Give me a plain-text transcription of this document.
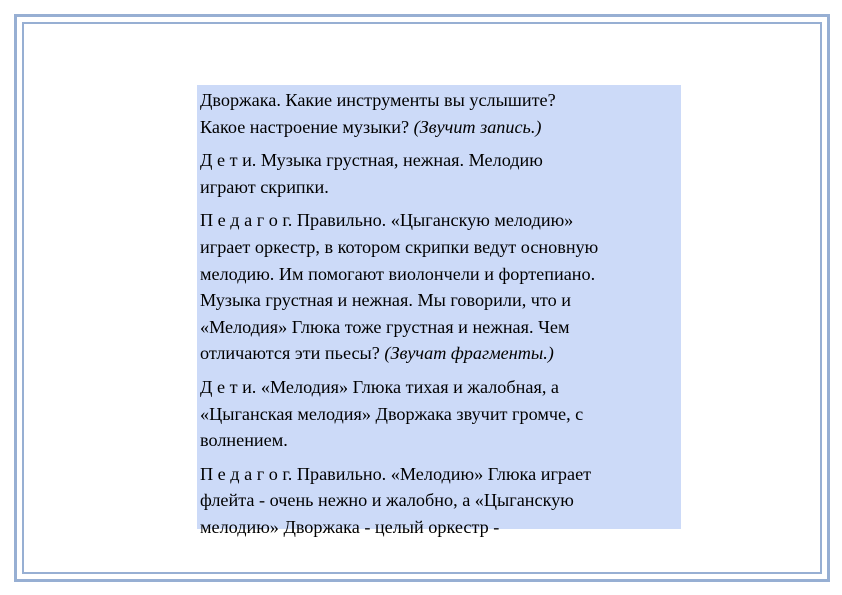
Дворжака. Какие инструменты вы услышите?
Какое настроение музыки? (Звучит запись.)

Д е т и. Музыка грустная, нежная. Мелодию
играют скрипки.

П е д а г о г. Правильно. «Цыганскую мелодию»
играет оркестр, в котором скрипки ведут основную
мелодию. Им помогают виолончели и фортепиано.
Музыка грустная и нежная. Мы говорили, что и
«Мелодия» Глюка тоже грустная и нежная. Чем
отличаются эти пьесы? (Звучат фрагменты.)

Д е т и. «Мелодия» Глюка тихая и жалобная, а
«Цыганская мелодия» Дворжака звучит громче, с
волнением.

П е д а г о г. Правильно. «Мелодию» Глюка играет
флейта - очень нежно и жалобно, а «Цыганскую
мелодию» Дворжака - целый оркестр -
